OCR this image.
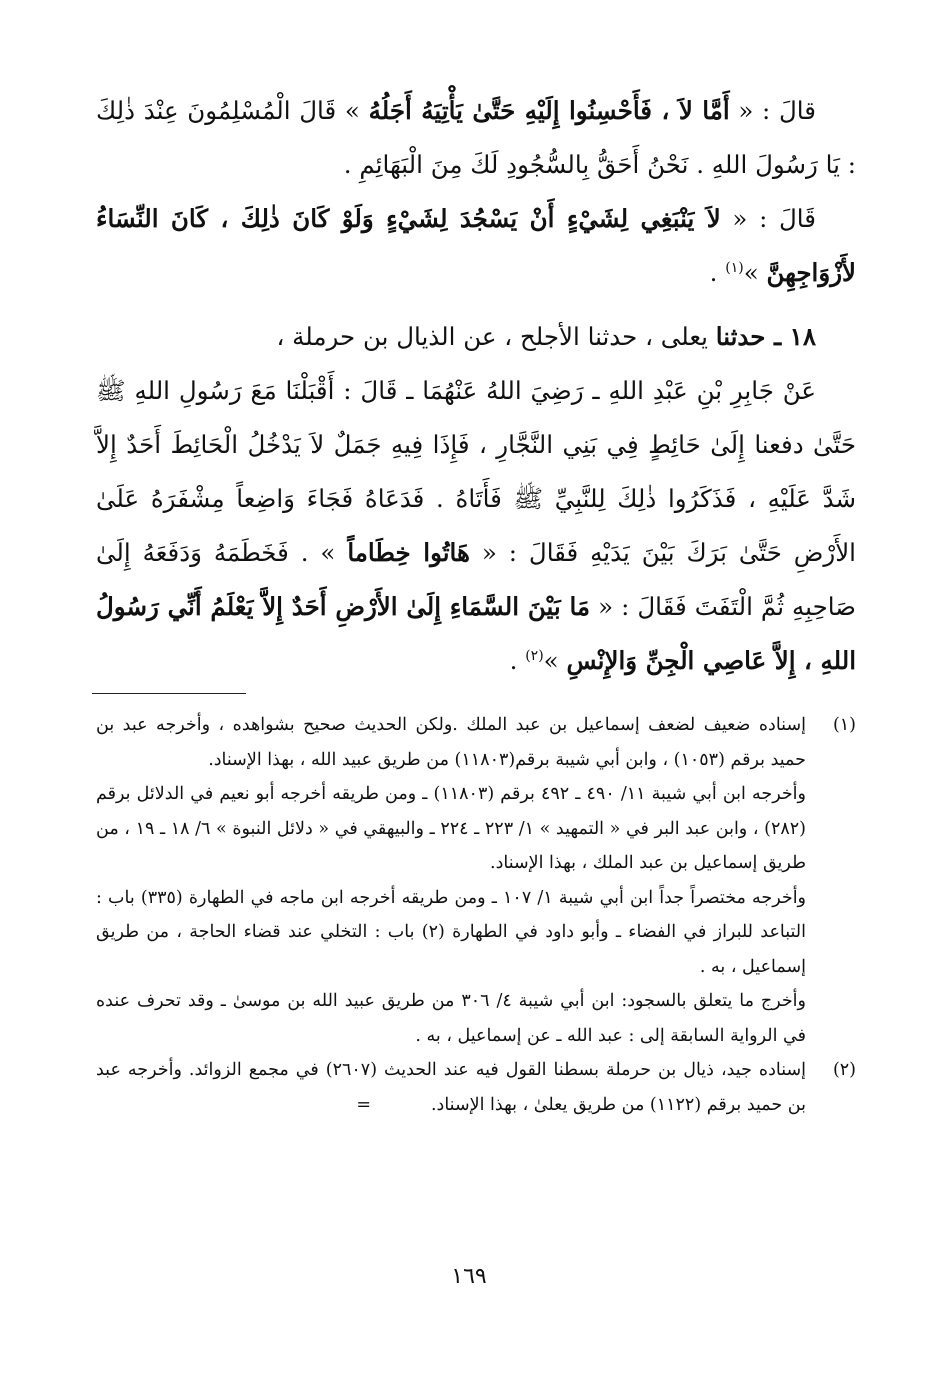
قالَ : « أَمَّا لاَ ، فَأَحْسِنُوا إِلَيْهِ حَتَّىٰ يَأْتِيَهُ أَجَلُهُ » قَالَ الْمُسْلِمُونَ عِنْدَ ذٰلِكَ : يَا رَسُولَ اللهِ . نَحْنُ أَحَقُّ بِالسُّجُودِ لَكَ مِنَ الْبَهَائِمِ .

قَالَ : « لاَ يَنْبَغِي لِشَيْءٍ أَنْ يَسْجُدَ لِشَيْءٍ وَلَوْ كَانَ ذٰلِكَ ، كَانَ النِّسَاءُ لأَزْوَاجِهِنَّ »$^{(١)}$ .

١٨ ـ حدثنا يعلى ، حدثنا الأجلح ، عن الذيال بن حرملة ،

عَنْ جَابِرِ بْنِ عَبْدِ اللهِ ـ رَضِيَ اللهُ عَنْهُمَا ـ قَالَ : أَقْبَلْنَا مَعَ رَسُولِ اللهِ ﷺ حَتَّىٰ دفعنا إِلَىٰ حَائِطٍ فِي بَنِي النَّجَّارِ ، فَإِذَا فِيهِ جَمَلٌ لاَ يَدْخُلُ الْحَائِطَ أَحَدٌ إِلاَّ شَدَّ عَلَيْهِ ، فَذَكَرُوا ذٰلِكَ لِلنَّبِيِّ ﷺ فَأَتَاهُ . فَدَعَاهُ فَجَاءَ وَاضِعاً مِشْفَرَهُ عَلَىٰ الأَرْضِ حَتَّىٰ بَرَكَ بَيْنَ يَدَيْهِ فَقَالَ : « هَاتُوا خِطَاماً » . فَخَطَمَهُ وَدَفَعَهُ إِلَىٰ صَاحِبِهِ ثُمَّ الْتَفَتَ فَقَالَ : « مَا بَيْنَ السَّمَاءِ إِلَىٰ الأَرْضِ أَحَدٌ إِلاَّ يَعْلَمُ أَنِّي رَسُولُ اللهِ ، إِلاَّ عَاصِي الْجِنِّ وَالإِنْسِ »$^{(٢)}$ .

(١)

إسناده ضعيف لضعف إسماعيل بن عبد الملك .ولكن الحديث صحيح بشواهده ، وأخرجه عبد بن حميد برقم (١٠٥٣) ، وابن أبي شيبة برقم(١١٨٠٣) من طريق عبيد الله ، بهذا الإسناد.

وأخرجه ابن أبي شيبة ١١/ ٤٩٠ ـ ٤٩٢ برقم (١١٨٠٣) ـ ومن طريقه أخرجه أبو نعيم في الدلائل برقم (٢٨٢) ، وابن عبد البر في « التمهيد » ١/ ٢٢٣ ـ ٢٢٤ ـ والبيهقي في « دلائل النبوة » ٦/ ١٨ ـ ١٩ ، من طريق إسماعيل بن عبد الملك ، بهذا الإسناد.

وأخرجه مختصراً جداً ابن أبي شيبة ١/ ١٠٧ ـ ومن طريقه أخرجه ابن ماجه في الطهارة (٣٣٥) باب : التباعد للبراز في الفضاء ـ وأبو داود في الطهارة (٢) باب : التخلي عند قضاء الحاجة ، من طريق إسماعيل ، به .

وأخرج ما يتعلق بالسجود: ابن أبي شيبة ٤/ ٣٠٦ من طريق عبيد الله بن موسىٰ ـ وقد تحرف عنده في الرواية السابقة إلى : عبد الله ـ عن إسماعيل ، به .

(٢)

إسناده جيد، ذيال بن حرملة بسطنا القول فيه عند الحديث (٢٦٠٧) في مجمع الزوائد. وأخرجه عبد بن حميد برقم (١١٢٢) من طريق يعلىٰ ، بهذا الإسناد.=

١٦٩
